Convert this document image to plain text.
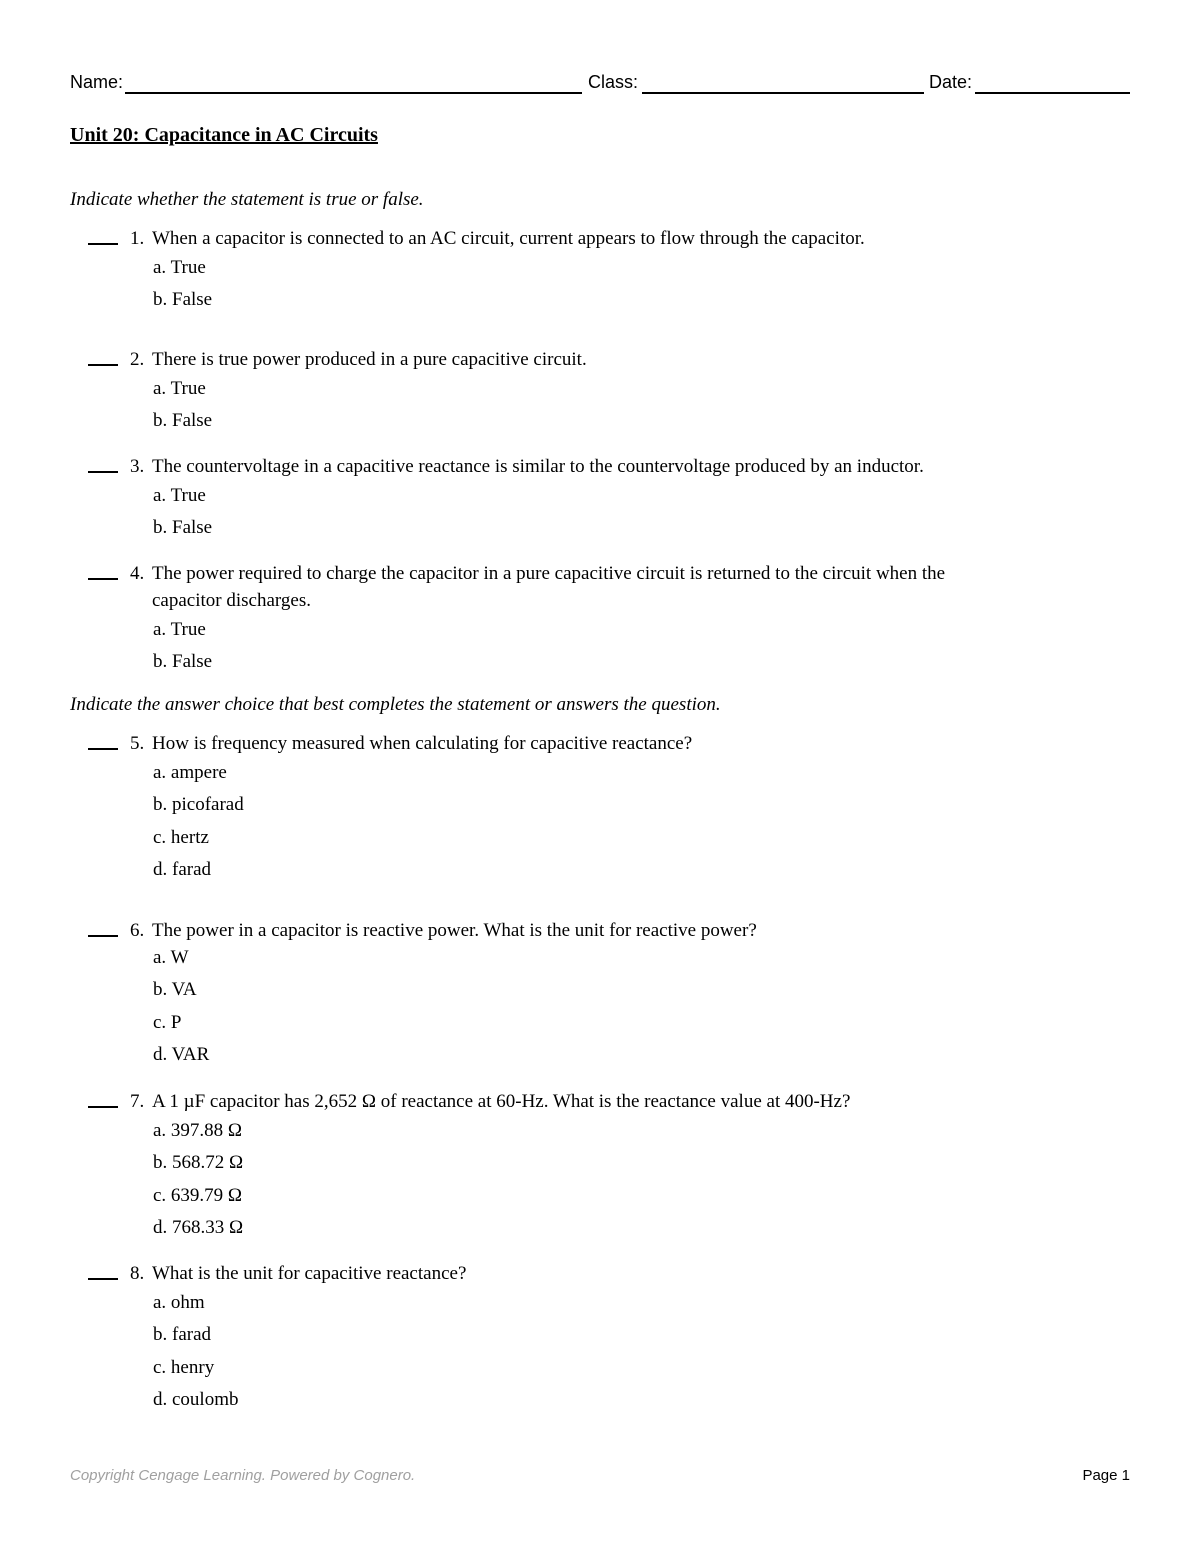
Name:	Class:	Date:
Unit 20: Capacitance in AC Circuits
Indicate whether the statement is true or false.
Indicate the answer choice that best completes the statement or answers the question.
1. When a capacitor is connected to an AC circuit, current appears to flow through the capacitor.
a. True
b. False
2. There is true power produced in a pure capacitive circuit.
a. True
b. False
3. The countervoltage in a capacitive reactance is similar to the countervoltage produced by an inductor.
a. True
b. False
4. The power required to charge the capacitor in a pure capacitive circuit is returned to the circuit when the
capacitor discharges.
a. True
b. False
5. How is frequency measured when calculating for capacitive reactance?
a. ampere
b. picofarad
c. hertz
d. farad
6. The power in a capacitor is reactive power. What is the unit for reactive power?
a. W
b. VA
c. P
d. VAR
7. A 1 µF capacitor has 2,652 Ω of reactance at 60-Hz. What is the reactance value at 400-Hz?
a. 397.88 Ω
b. 568.72 Ω
c. 639.79 Ω
d. 768.33 Ω
8. What is the unit for capacitive reactance?
a. ohm
b. farad
c. henry
d. coulomb
Copyright Cengage Learning. Powered by Cognero.	Page 1
